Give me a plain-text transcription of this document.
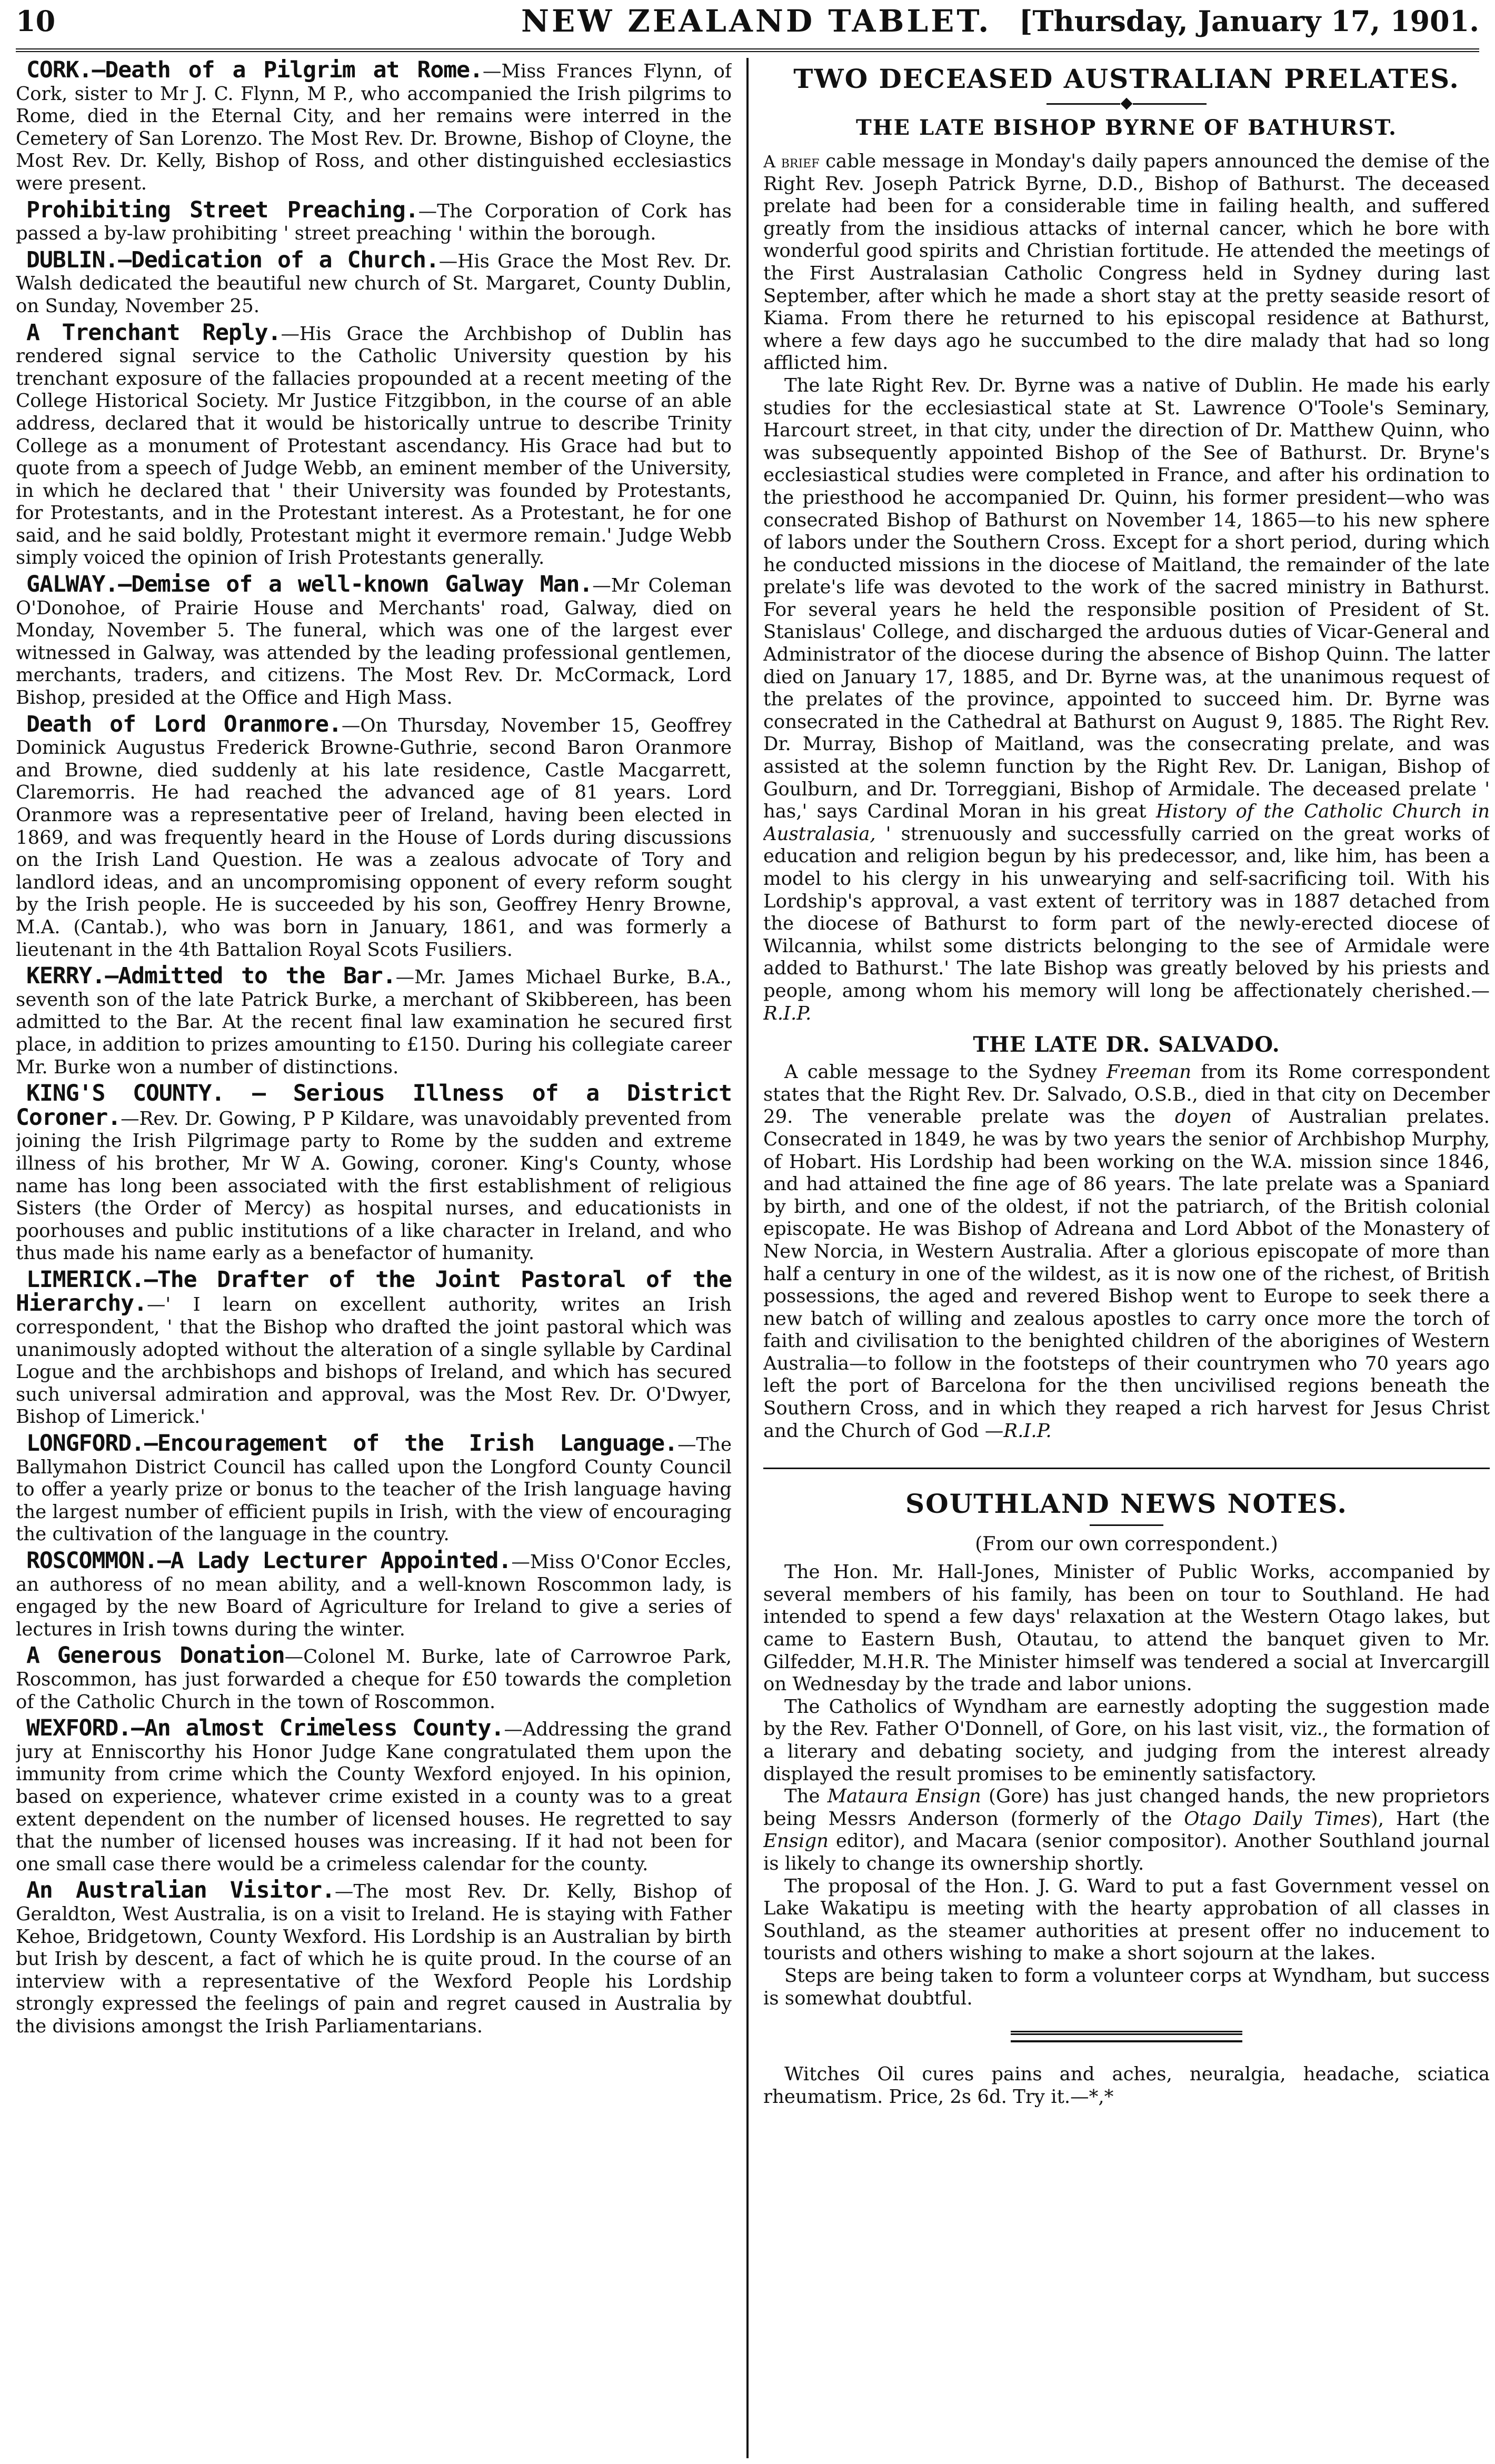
10	NEW ZEALAND TABLET. [Thursday, January 17, 1901.

CORK.—Death of a Pilgrim at Rome.—Miss Frances Flynn, of Cork, sister to Mr J. C. Flynn, M P., who accompanied the Irish pilgrims to Rome, died in the Eternal City, and her remains were interred in the Cemetery of San Lorenzo. The Most Rev. Dr. Browne, Bishop of Cloyne, the Most Rev. Dr. Kelly, Bishop of Ross, and other distinguished ecclesiastics were present.

Prohibiting Street Preaching.—The Corporation of Cork has passed a by-law prohibiting ' street preaching ' within the borough.

DUBLIN.—Dedication of a Church.—His Grace the Most Rev. Dr. Walsh dedicated the beautiful new church of St. Margaret, County Dublin, on Sunday, November 25.

A Trenchant Reply.—His Grace the Archbishop of Dublin has rendered signal service to the Catholic University question by his trenchant exposure of the fallacies propounded at a recent meeting of the College Historical Society. Mr Justice Fitzgibbon, in the course of an able address, declared that it would be historically untrue to describe Trinity College as a monument of Protestant ascendancy. His Grace had but to quote from a speech of Judge Webb, an eminent member of the University, in which he declared that ' their University was founded by Protestants, for Protestants, and in the Protestant interest. As a Protestant, he for one said, and he said boldly, Protestant might it evermore remain.' Judge Webb simply voiced the opinion of Irish Protestants generally.

GALWAY.—Demise of a well-known Galway Man.—Mr Coleman O'Donohoe, of Prairie House and Merchants' road, Galway, died on Monday, November 5. The funeral, which was one of the largest ever witnessed in Galway, was attended by the leading professional gentlemen, merchants, traders, and citizens. The Most Rev. Dr. McCormack, Lord Bishop, presided at the Office and High Mass.

Death of Lord Oranmore.—On Thursday, November 15, Geoffrey Dominick Augustus Frederick Browne-Guthrie, second Baron Oranmore and Browne, died suddenly at his late residence, Castle Macgarrett, Claremorris. He had reached the advanced age of 81 years. Lord Oranmore was a representative peer of Ireland, having been elected in 1869, and was frequently heard in the House of Lords during discussions on the Irish Land Question. He was a zealous advocate of Tory and landlord ideas, and an uncompromising opponent of every reform sought by the Irish people. He is succeeded by his son, Geoffrey Henry Browne, M.A. (Cantab.), who was born in January, 1861, and was formerly a lieutenant in the 4th Battalion Royal Scots Fusiliers.

KERRY.—Admitted to the Bar.—Mr. James Michael Burke, B.A., seventh son of the late Patrick Burke, a merchant of Skibbereen, has been admitted to the Bar. At the recent final law examination he secured first place, in addition to prizes amounting to £150. During his collegiate career Mr. Burke won a number of distinctions.

KING'S COUNTY. — Serious Illness of a District Coroner.—Rev. Dr. Gowing, P P Kildare, was unavoidably prevented from joining the Irish Pilgrimage party to Rome by the sudden and extreme illness of his brother, Mr W A. Gowing, coroner. King's County, whose name has long been associated with the first establishment of religious Sisters (the Order of Mercy) as hospital nurses, and educationists in poorhouses and public institutions of a like character in Ireland, and who thus made his name early as a benefactor of humanity.

LIMERICK.—The Drafter of the Joint Pastoral of the Hierarchy.—' I learn on excellent authority, writes an Irish correspondent, ' that the Bishop who drafted the joint pastoral which was unanimously adopted without the alteration of a single syllable by Cardinal Logue and the archbishops and bishops of Ireland, and which has secured such universal admiration and approval, was the Most Rev. Dr. O'Dwyer, Bishop of Limerick.'

LONGFORD.—Encouragement of the Irish Language.—The Ballymahon District Council has called upon the Longford County Council to offer a yearly prize or bonus to the teacher of the Irish language having the largest number of efficient pupils in Irish, with the view of encouraging the cultivation of the language in the country.

ROSCOMMON.—A Lady Lecturer Appointed.—Miss O'Conor Eccles, an authoress of no mean ability, and a well-known Roscommon lady, is engaged by the new Board of Agriculture for Ireland to give a series of lectures in Irish towns during the winter.

A Generous Donation—Colonel M. Burke, late of Carrowroe Park, Roscommon, has just forwarded a cheque for £50 towards the completion of the Catholic Church in the town of Roscommon.

WEXFORD.—An almost Crimeless County.—Addressing the grand jury at Enniscorthy his Honor Judge Kane congratulated them upon the immunity from crime which the County Wexford enjoyed. In his opinion, based on experience, whatever crime existed in a county was to a great extent dependent on the number of licensed houses. He regretted to say that the number of licensed houses was increasing. If it had not been for one small case there would be a crimeless calendar for the county.

An Australian Visitor.—The most Rev. Dr. Kelly, Bishop of Geraldton, West Australia, is on a visit to Ireland. He is staying with Father Kehoe, Bridgetown, County Wexford. His Lordship is an Australian by birth but Irish by descent, a fact of which he is quite proud. In the course of an interview with a representative of the Wexford People his Lordship strongly expressed the feelings of pain and regret caused in Australia by the divisions amongst the Irish Parliamentarians.

TWO DECEASED AUSTRALIAN PRELATES.
THE LATE BISHOP BYRNE OF BATHURST.

A brief cable message in Monday's daily papers announced the demise of the Right Rev. Joseph Patrick Byrne, D.D., Bishop of Bathurst. The deceased prelate had been for a considerable time in failing health, and suffered greatly from the insidious attacks of internal cancer, which he bore with wonderful good spirits and Christian fortitude. He attended the meetings of the First Australasian Catholic Congress held in Sydney during last September, after which he made a short stay at the pretty seaside resort of Kiama. From there he returned to his episcopal residence at Bathurst, where a few days ago he succumbed to the dire malady that had so long afflicted him.

The late Right Rev. Dr. Byrne was a native of Dublin. He made his early studies for the ecclesiastical state at St. Lawrence O'Toole's Seminary, Harcourt street, in that city, under the direction of Dr. Matthew Quinn, who was subsequently appointed Bishop of the See of Bathurst. Dr. Bryne's ecclesiastical studies were completed in France, and after his ordination to the priesthood he accompanied Dr. Quinn, his former president—who was consecrated Bishop of Bathurst on November 14, 1865—to his new sphere of labors under the Southern Cross. Except for a short period, during which he conducted missions in the diocese of Maitland, the remainder of the late prelate's life was devoted to the work of the sacred ministry in Bathurst. For several years he held the responsible position of President of St. Stanislaus' College, and discharged the arduous duties of Vicar-General and Administrator of the diocese during the absence of Bishop Quinn. The latter died on January 17, 1885, and Dr. Byrne was, at the unanimous request of the prelates of the province, appointed to succeed him. Dr. Byrne was consecrated in the Cathedral at Bathurst on August 9, 1885. The Right Rev. Dr. Murray, Bishop of Maitland, was the consecrating prelate, and was assisted at the solemn function by the Right Rev. Dr. Lanigan, Bishop of Goulburn, and Dr. Torreggiani, Bishop of Armidale. The deceased prelate ' has,' says Cardinal Moran in his great History of the Catholic Church in Australasia, ' strenuously and successfully carried on the great works of education and religion begun by his predecessor, and, like him, has been a model to his clergy in his unwearying and self-sacrificing toil. With his Lordship's approval, a vast extent of territory was in 1887 detached from the diocese of Bathurst to form part of the newly-erected diocese of Wilcannia, whilst some districts belonging to the see of Armidale were added to Bathurst.' The late Bishop was greatly beloved by his priests and people, among whom his memory will long be affectionately cherished.—R.I.P.

THE LATE DR. SALVADO.

A cable message to the Sydney Freeman from its Rome correspondent states that the Right Rev. Dr. Salvado, O.S.B., died in that city on December 29. The venerable prelate was the doyen of Australian prelates. Consecrated in 1849, he was by two years the senior of Archbishop Murphy, of Hobart. His Lordship had been working on the W.A. mission since 1846, and had attained the fine age of 86 years. The late prelate was a Spaniard by birth, and one of the oldest, if not the patriarch, of the British colonial episcopate. He was Bishop of Adreana and Lord Abbot of the Monastery of New Norcia, in Western Australia. After a glorious episcopate of more than half a century in one of the wildest, as it is now one of the richest, of British possessions, the aged and revered Bishop went to Europe to seek there a new batch of willing and zealous apostles to carry once more the torch of faith and civilisation to the benighted children of the aborigines of Western Australia—to follow in the footsteps of their countrymen who 70 years ago left the port of Barcelona for the then uncivilised regions beneath the Southern Cross, and in which they reaped a rich harvest for Jesus Christ and the Church of God —R.I.P.

SOUTHLAND NEWS NOTES.

(From our own correspondent.)

The Hon. Mr. Hall-Jones, Minister of Public Works, accompanied by several members of his family, has been on tour to Southland. He had intended to spend a few days' relaxation at the Western Otago lakes, but came to Eastern Bush, Otautau, to attend the banquet given to Mr. Gilfedder, M.H.R. The Minister himself was tendered a social at Invercargill on Wednesday by the trade and labor unions.

The Catholics of Wyndham are earnestly adopting the suggestion made by the Rev. Father O'Donnell, of Gore, on his last visit, viz., the formation of a literary and debating society, and judging from the interest already displayed the result promises to be eminently satisfactory.

The Mataura Ensign (Gore) has just changed hands, the new proprietors being Messrs Anderson (formerly of the Otago Daily Times), Hart (the Ensign editor), and Macara (senior compositor). Another Southland journal is likely to change its ownership shortly.

The proposal of the Hon. J. G. Ward to put a fast Government vessel on Lake Wakatipu is meeting with the hearty approbation of all classes in Southland, as the steamer authorities at present offer no inducement to tourists and others wishing to make a short sojourn at the lakes.

Steps are being taken to form a volunteer corps at Wyndham, but success is somewhat doubtful.

Witches Oil cures pains and aches, neuralgia, headache, sciatica rheumatism. Price, 2s 6d. Try it.—*,*
